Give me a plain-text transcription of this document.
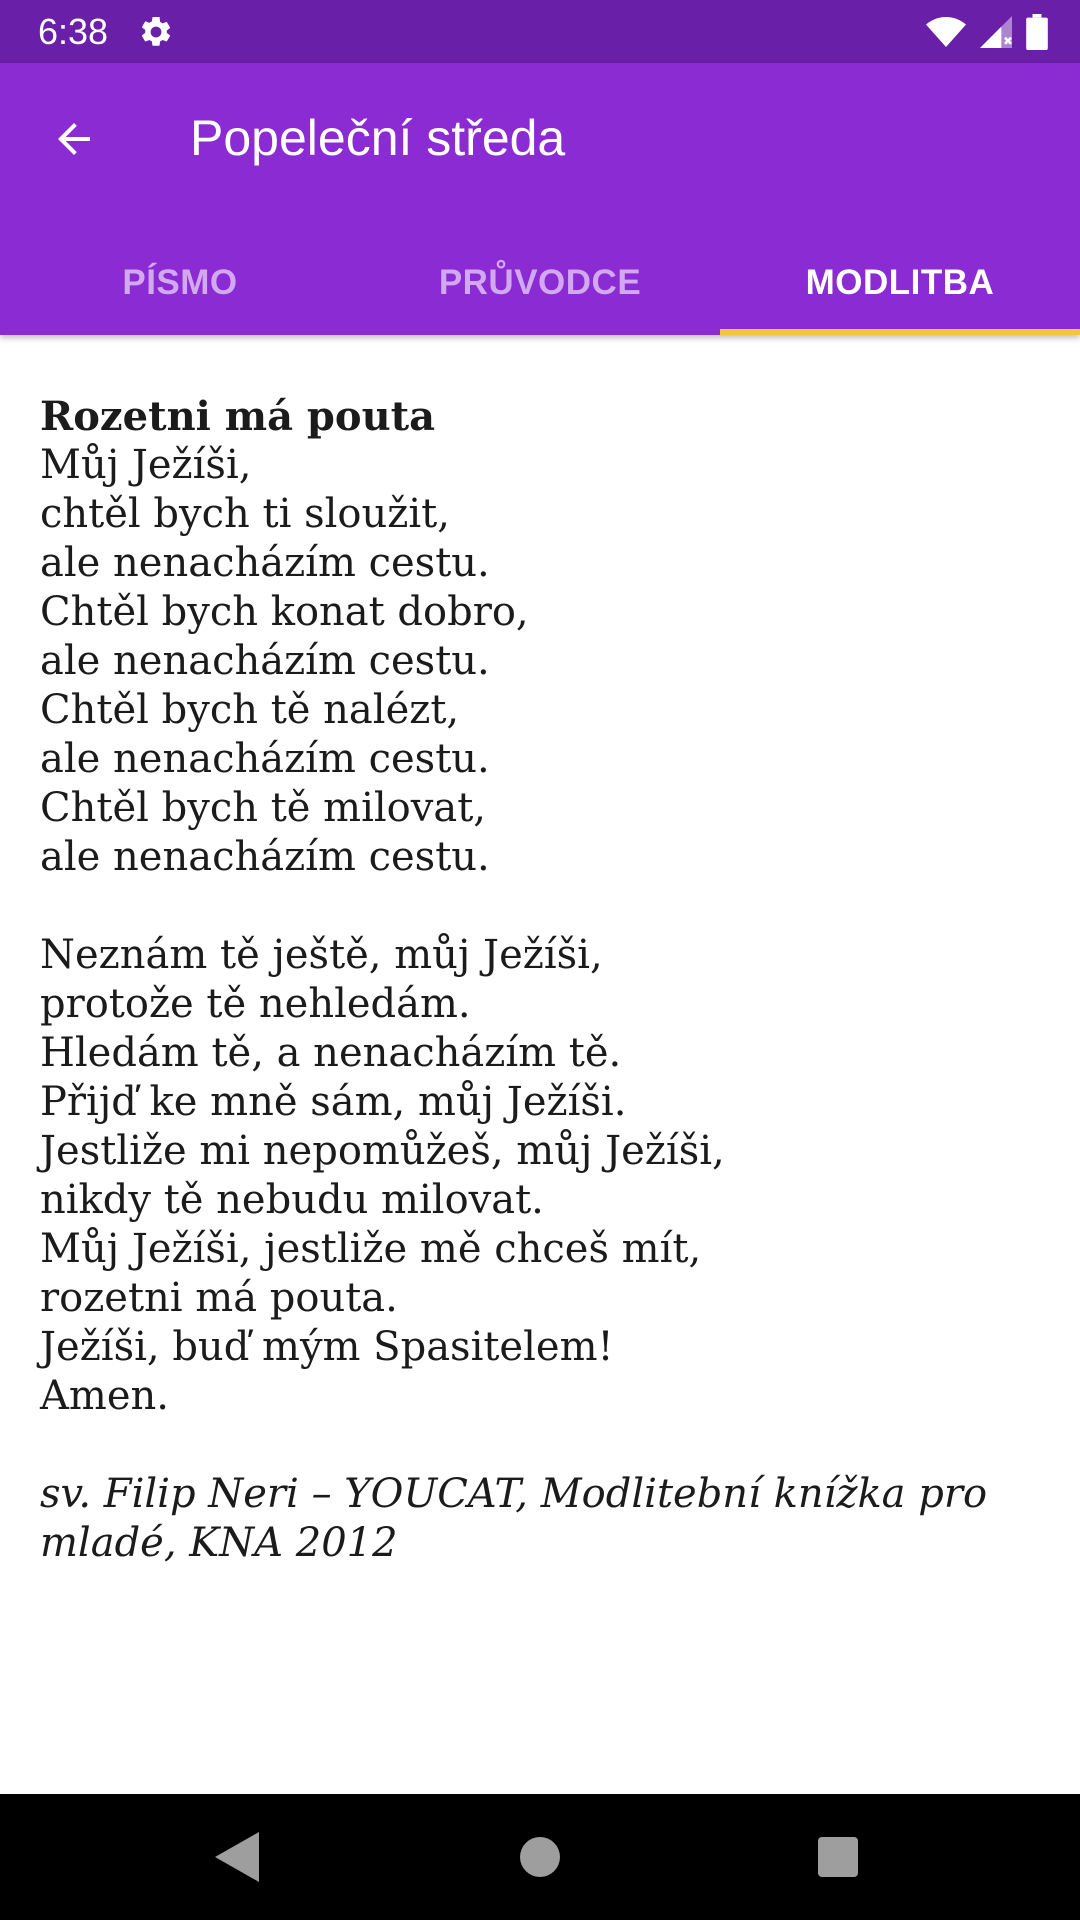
6:38
Popeleční středa
PÍSMO	PRŮVODCE	MODLITBA

Rozetni má pouta

Můj Ježíši,

chtěl bych ti sloužit,

ale nenacházím cestu.

Chtěl bych konat dobro,

ale nenacházím cestu.

Chtěl bych tě nalézt,

ale nenacházím cestu.

Chtěl bych tě milovat,

ale nenacházím cestu.

Neznám tě ještě, můj Ježíši,

protože tě nehledám.

Hledám tě, a nenacházím tě.

Přijď ke mně sám, můj Ježíši.

Jestliže mi nepomůžeš, můj Ježíši,

nikdy tě nebudu milovat.

Můj Ježíši, jestliže mě chceš mít,

rozetni má pouta.

Ježíši, buď mým Spasitelem!

Amen.

sv. Filip Neri – YOUCAT, Modlitební knížka pro mladé, KNA 2012
